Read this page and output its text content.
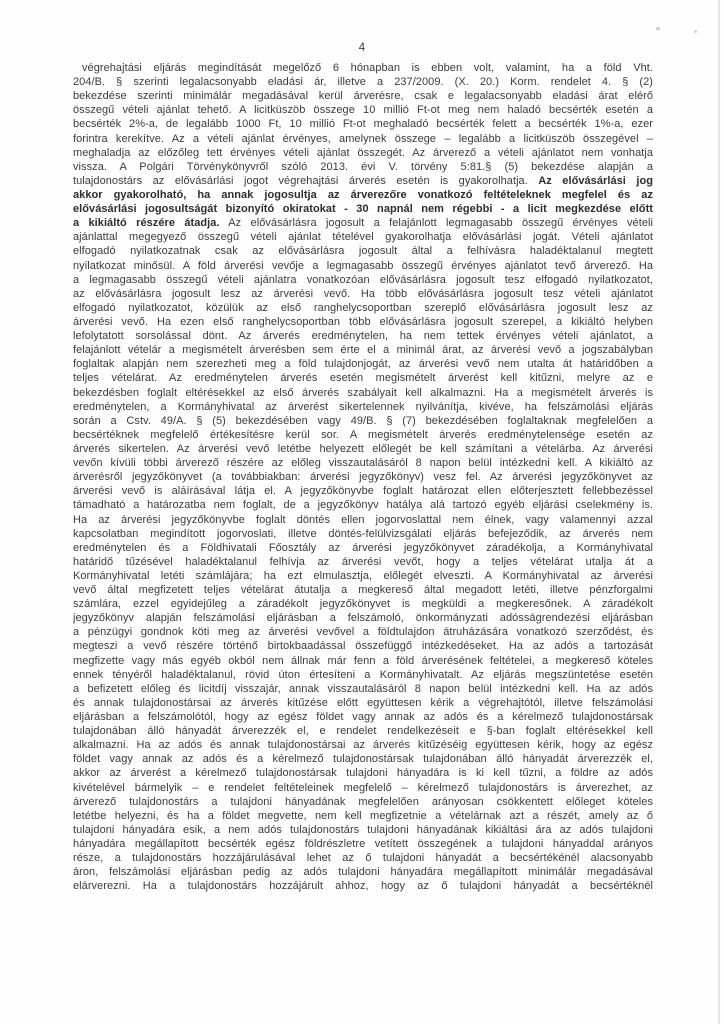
4
végrehajtási eljárás megindítását megelőző 6 hónapban is ebben volt, valamint, ha a föld Vht.
204/B. § szerinti legalacsonyabb eladási ár, illetve a 237/2009. (X. 20.) Korm. rendelet 4. § (2)
bekezdése szerinti minimálár megadásával kerül árverésre, csak e legalacsonyabb eladási árat elérő
összegű vételi ajánlat tehető. A licitküszöb összege 10 millió Ft-ot meg nem haladó becsérték esetén a
becsérték 2%-a, de legalább 1000 Ft, 10 millió Ft-ot meghaladó becsérték felett a becsérték 1%-a, ezer
forintra kerekítve. Az a vételi ajánlat érvényes, amelynek összege – legalább a licitküszöb összegével –
meghaladja az előzőleg tett érvényes vételi ajánlat összegét. Az árverező a vételi ajánlatot nem vonhatja
vissza. A Polgári Törvénykönyvről szóló 2013. évi V. törvény 5:81.§ (5) bekezdése alapján a
tulajdonostárs az elővásárlási jogot végrehajtási árverés esetén is gyakorolhatja. Az elővásárlási jog
akkor gyakorolható, ha annak jogosultja az árverezőre vonatkozó feltételeknek megfelel és az
elővásárlási jogosultságát bizonyító okiratokat - 30 napnál nem régebbi - a licit megkezdése előtt
a kikiáltó részére átadja. Az elővásárlásra jogosult a felajánlott legmagasabb összegű érvényes vételi
ajánlattal megegyező összegű vételi ajánlat tételével gyakorolhatja elővásárlási jogát. Vételi ajánlatot
elfogadó nyilatkozatnak csak az elővásárlásra jogosult által a felhívásra haladéktalanul megtett
nyilatkozat minősül. A föld árverési vevője a legmagasabb összegű érvényes ajánlatot tevő árverező. Ha
a legmagasabb összegű vételi ajánlatra vonatkozóan elővásárlásra jogosult tesz elfogadó nyilatkozatot,
az elővásárlásra jogosult lesz az árverési vevő. Ha több elővásárlásra jogosult tesz vételi ajánlatot
elfogadó nyilatkozatot, közülük az első ranghelycsoportban szereplő elővásárlásra jogosult lesz az
árverési vevő. Ha ezen első ranghelycsoportban több elővásárlásra jogosult szerepel, a kikiáltó helyben
lefolytatott sorsolással dönt. Az árverés eredménytelen, ha nem tettek érvényes vételi ajánlatot, a
felajánlott vételár a megismételt árverésben sem érte el a minimál árat, az árverési vevő a jogszabályban
foglaltak alapján nem szerezheti meg a föld tulajdonjogát, az árverési vevő nem utalta át határidőben a
teljes vételárat. Az eredménytelen árverés esetén megismételt árverést kell kitűzni, melyre az e
bekezdésben foglalt eltérésekkel az első árverés szabályait kell alkalmazni. Ha a megismételt árverés is
eredménytelen, a Kormányhivatal az árverést sikertelennek nyilvánítja, kivéve, ha felszámolási eljárás
során a Cstv. 49/A. § (5) bekezdésében vagy 49/B. § (7) bekezdésében foglaltaknak megfelelően a
becsértéknek megfelelő értékesítésre kerül sor. A megismételt árverés eredménytelensége esetén az
árverés sikertelen. Az árverési vevő letétbe helyezett előlegét be kell számítani a vételárba. Az árverési
vevőn kívüli többi árverező részére az előleg visszautalásáról 8 napon belül intézkedni kell. A kikiáltó az
árverésről jegyzőkönyvet (a továbbiakban: árverési jegyzőkönyv) vesz fel. Az árverési jegyzőkönyvet az
árverési vevő is aláírásával látja el. A jegyzőkönyvbe foglalt határozat ellen előterjesztett fellebbezéssel
támadható a határozatba nem foglalt, de a jegyzőkönyv hatálya alá tartozó egyéb eljárási cselekmény is.
Ha az árverési jegyzőkönyvbe foglalt döntés ellen jogorvoslattal nem élnek, vagy valamennyi azzal
kapcsolatban megindított jogorvoslati, illetve döntés-felülvizsgálati eljárás befejeződik, az árverés nem
eredménytelen és a Földhivatali Főosztály az árverési jegyzőkönyvet záradékolja, a Kormányhivatal
határidő tűzésével haladéktalanul felhívja az árverési vevőt, hogy a teljes vételárat utalja át a
Kormányhivatal letéti számlájára; ha ezt elmulasztja, előlegét elveszti. A Kormányhivatal az árverési
vevő által megfizetett teljes vételárat átutalja a megkereső által megadott letéti, illetve pénzforgalmi
számlára, ezzel egyidejűleg a záradékolt jegyzőkönyvet is megküldi a megkeresőnek. A záradékolt
jegyzőkönyv alapján felszámolási eljárásban a felszámoló, önkormányzati adósságrendezési eljárásban
a pénzügyi gondnok köti meg az árverési vevővel a földtulajdon átruházására vonatkozó szerződést, és
megteszi a vevő részére történő birtokbaadással összefüggő intézkedéseket. Ha az adós a tartozását
megfizette vagy más egyéb okból nem állnak már fenn a föld árverésének feltételei, a megkereső köteles
ennek tényéről haladéktalanul, rövid úton értesíteni a Kormányhivatalt. Az eljárás megszüntetése esetén
a befizetett előleg és licitdíj visszajár, annak visszautalásáról 8 napon belül intézkedni kell. Ha az adós
és annak tulajdonostársai az árverés kitűzése előtt együttesen kérik a végrehajtótól, illetve felszámolási
eljárásban a felszámolótól, hogy az egész földet vagy annak az adós és a kérelmező tulajdonostársak
tulajdonában álló hányadát árverezzék el, e rendelet rendelkezéseit e §-ban foglalt eltérésekkel kell
alkalmazni. Ha az adós és annak tulajdonostársai az árverés kitűzéséig együttesen kérik, hogy az egész
földet vagy annak az adós és a kérelmező tulajdonostársak tulajdonában álló hányadát árverezzék el,
akkor az árverést a kérelmező tulajdonostársak tulajdoni hányadára is ki kell tűzni, a földre az adós
kivételével bármelyik – e rendelet feltételeinek megfelelő – kérelmező tulajdonostárs is árverezhet, az
árverező tulajdonostárs a tulajdoni hányadának megfelelően arányosan csökkentett előleget köteles
letétbe helyezni, és ha a földet megvette, nem kell megfizetnie a vételárnak azt a részét, amely az ő
tulajdoni hányadára esik, a nem adós tulajdonostárs tulajdoni hányadának kikiáltási ára az adós tulajdoni
hányadára megállapított becsérték egész földrészletre vetített összegének a tulajdoni hányaddal arányos
része, a tulajdonostárs hozzájárulásával lehet az ő tulajdoni hányadát a becsértékénél alacsonyabb
áron, felszámolási eljárásban pedig az adós tulajdoni hányadára megállapított minimálár megadásával
elárverezni. Ha a tulajdonostárs hozzájárult ahhoz, hogy az ő tulajdoni hányadát a becsértéknél
